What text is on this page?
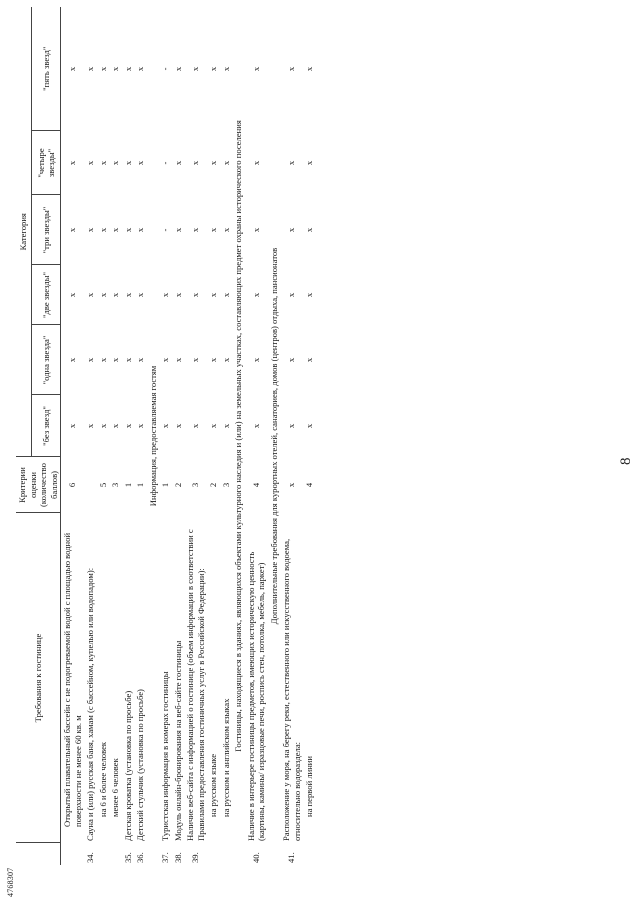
4768307
	Требования к гостинице	Критерии оценки (количество баллов)	Категория					
			"без звезд"	"одна звезда"	"две звезды"	"три звезды"	"четыре звезды"	"пять звезд"
	Открытый плавательный бассейн с не подогреваемой водой с площадью водной поверхности не менее 60 кв. м	6	x	x	x	x	x	x
34.	Сауна и (или) русская баня, хамам (с бассейном, купелью или водопадом):		x	x	x	x	x	x
	на 6 и более человек	5	x	x	x	x	x	x
	менее 6 человек	3	x	x	x	x	x	x
35.	Детская кроватка (установка по просьбе)	1	x	x	x	x	x	x
36.	Детский стульчик (установка по просьбе)	1	x	x	x	x	x	x
Информация, предоставляемая гостям								
37.	Туристская информация в номерах гостиницы	1	x	x	x	-	-	-
38.	Модуль онлайн-бронирования на веб-сайте гостиницы	2	x	x	x	x	x	x
39.	Наличие веб-сайта с информацией о гостинице (объем информации в соответствии с Правилами предоставления гостиничных услуг в Российской Федерации):	3	x	x	x	x	x	x
	на русском языке	2	x	x	x	x	x	x
	на русском и английском языках	3	x	x	x	x	x	x
Гостиницы, находящиеся в зданиях, являющихся объектами культурного наследия и (или) на земельных участках, составляющих предмет охраны исторического поселения								
40.	Наличие в интерьере гостиницы предметов, имеющих историческую ценность (картины, камины/ изразцовые печи, роспись стен, потолка, мебель, паркет)	4	x	x	x	x	x	x
Дополнительные требования для курортных отелей, санаториев, домов (центров) отдыха, пансионатов								
41.	Расположение у моря, на берегу реки, естественного или искусственного водоема, относительно водоразделa:	x	x	x	x	x	x	x
	на первой линии	4	x	x	x	x	x	x
8
